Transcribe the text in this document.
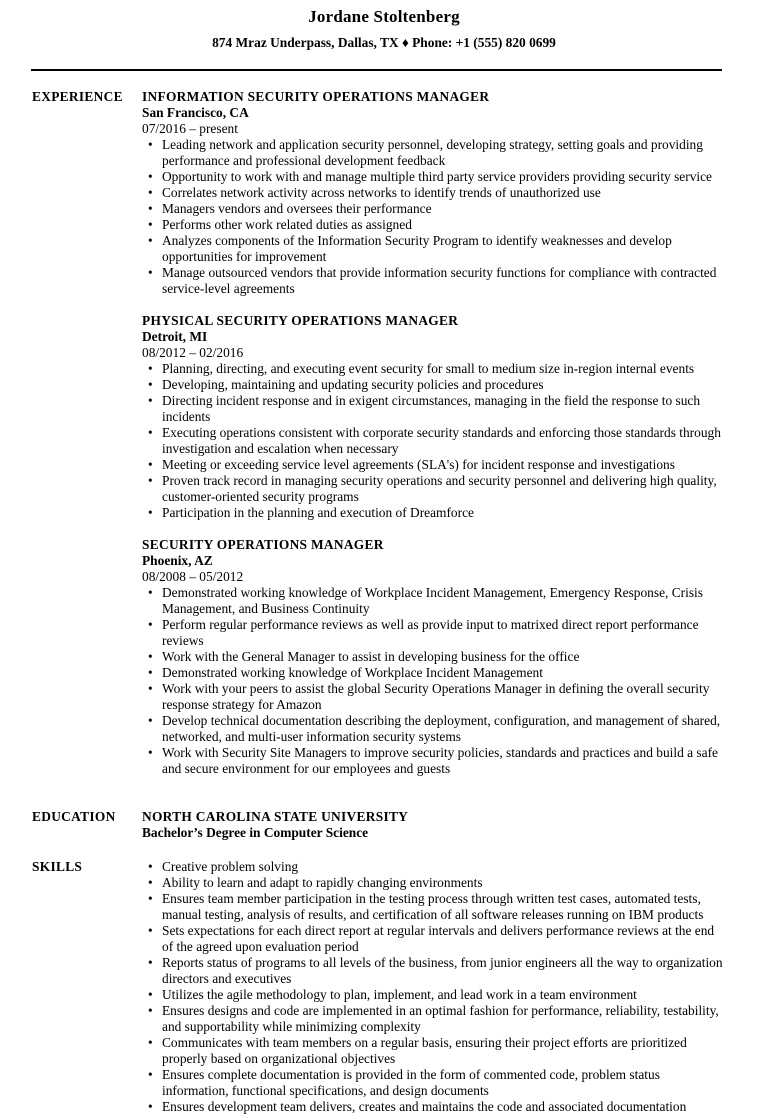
Jordane Stoltenberg
874 Mraz Underpass, Dallas, TX ♦ Phone: +1 (555) 820 0699
EXPERIENCE INFORMATION SECURITY OPERATIONS MANAGER
San Francisco, CA
07/2016 – present
• Leading network and application security personnel, developing strategy, setting goals and providing performance and professional development feedback
• Opportunity to work with and manage multiple third party service providers providing security service
• Correlates network activity across networks to identify trends of unauthorized use
• Managers vendors and oversees their performance
• Performs other work related duties as assigned
• Analyzes components of the Information Security Program to identify weaknesses and develop opportunities for improvement
• Manage outsourced vendors that provide information security functions for compliance with contracted service-level agreements
PHYSICAL SECURITY OPERATIONS MANAGER
Detroit, MI
08/2012 – 02/2016
• Planning, directing, and executing event security for small to medium size in-region internal events
• Developing, maintaining and updating security policies and procedures
• Directing incident response and in exigent circumstances, managing in the field the response to such incidents
• Executing operations consistent with corporate security standards and enforcing those standards through investigation and escalation when necessary
• Meeting or exceeding service level agreements (SLA's) for incident response and investigations
• Proven track record in managing security operations and security personnel and delivering high quality, customer-oriented security programs
• Participation in the planning and execution of Dreamforce
SECURITY OPERATIONS MANAGER
Phoenix, AZ
08/2008 – 05/2012
• Demonstrated working knowledge of Workplace Incident Management, Emergency Response, Crisis Management, and Business Continuity
• Perform regular performance reviews as well as provide input to matrixed direct report performance reviews
• Work with the General Manager to assist in developing business for the office
• Demonstrated working knowledge of Workplace Incident Management
• Work with your peers to assist the global Security Operations Manager in defining the overall security response strategy for Amazon
• Develop technical documentation describing the deployment, configuration, and management of shared, networked, and multi-user information security systems
• Work with Security Site Managers to improve security policies, standards and practices and build a safe and secure environment for our employees and guests
EDUCATION NORTH CAROLINA STATE UNIVERSITY
Bachelor’s Degree in Computer Science
SKILLS
•	Creative problem solving
• Ability to learn and adapt to rapidly changing environments
• Ensures team member participation in the testing process through written test cases, automated tests, manual testing, analysis of results, and certification of all software releases running on IBM products
• Sets expectations for each direct report at regular intervals and delivers performance reviews at the end of the agreed upon evaluation period
• Reports status of programs to all levels of the business, from junior engineers all the way to organization directors and executives
• Utilizes the agile methodology to plan, implement, and lead work in a team environment
• Ensures designs and code are implemented in an optimal fashion for performance, reliability, testability, and supportability while minimizing complexity
• Communicates with team members on a regular basis, ensuring their project efforts are prioritized properly based on organizational objectives
• Ensures complete documentation is provided in the form of commented code, problem status information, functional specifications, and design documents
• Ensures development team delivers, creates and maintains the code and associated documentation
